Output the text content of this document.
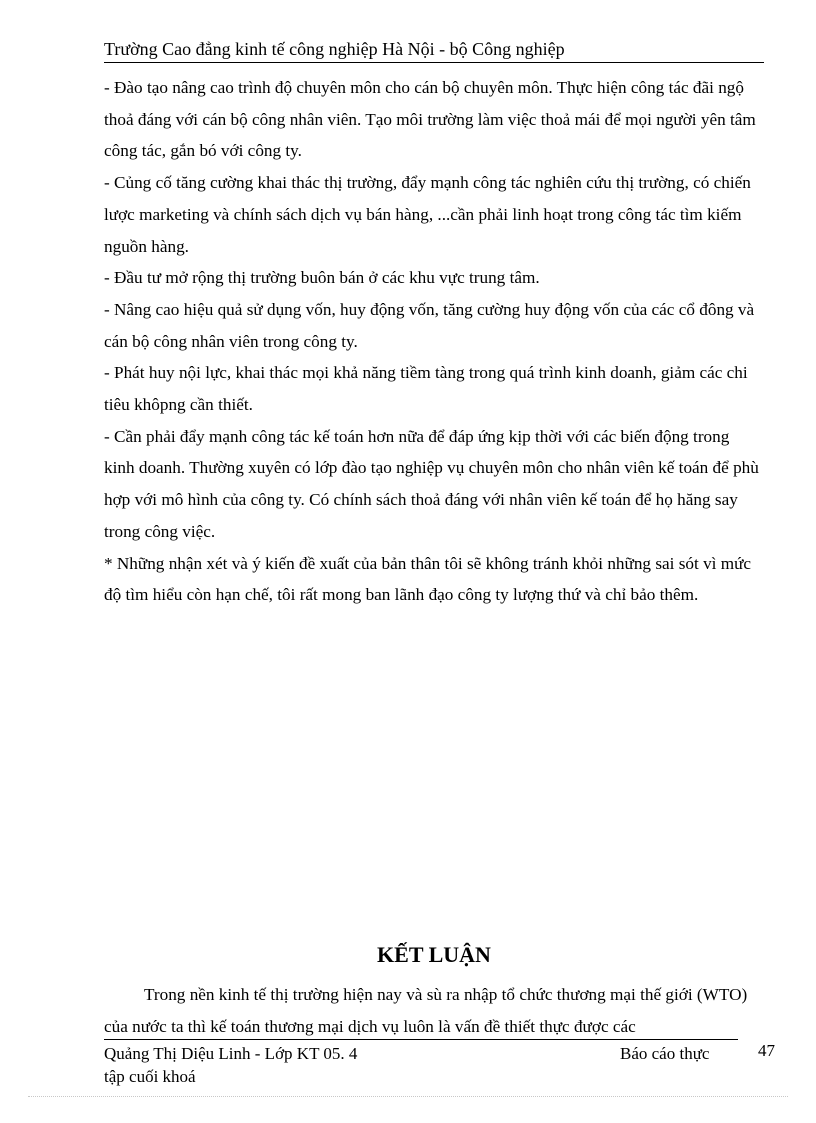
Trường Cao đẳng kinh tế công nghiệp Hà Nội - bộ Công nghiệp

- Đào tạo nâng cao trình độ chuyên môn cho cán bộ chuyên môn. Thực hiện công tác đãi ngộ thoả đáng với cán bộ công nhân viên. Tạo môi trường làm việc thoả mái để mọi người yên tâm công tác, gắn bó với công ty.

- Củng cố tăng cường khai thác thị trường, đẩy mạnh công tác nghiên cứu thị trường, có chiến lược marketing và chính sách dịch vụ bán hàng, ...cần phải linh hoạt trong công tác tìm kiếm nguồn hàng.

- Đầu tư mở rộng thị trường buôn bán ở các khu vực trung tâm.

- Nâng cao hiệu quả sử dụng vốn, huy động vốn, tăng cường huy động vốn của các cổ đông và cán bộ công nhân viên trong công ty.

- Phát huy nội lực, khai thác mọi khả năng tiềm tàng trong quá trình kinh doanh, giảm các chi tiêu khôpng cần thiết.

- Cần phải đẩy mạnh công tác kế toán hơn nữa để đáp ứng kịp thời với các biến động trong kinh doanh. Thường xuyên có lớp đào tạo nghiệp vụ chuyên môn cho nhân viên kế toán để phù hợp với mô hình của công ty. Có chính sách thoả đáng với nhân viên kế toán để họ hăng say trong công việc.

* Những nhận xét và ý kiến đề xuất của bản thân tôi sẽ không tránh khỏi những sai sót vì mức độ tìm hiểu còn hạn chế, tôi rất mong ban lãnh đạo công ty lượng thứ và chỉ bảo thêm.

KẾT LUẬN

Trong nền kinh tế thị trường hiện nay và sù ra nhập tổ chức thương mại thế giới (WTO) của nước ta thì kế toán thương mại dịch vụ luôn là vấn đề thiết thực được các

Quảng Thị Diệu Linh - Lớp KT 05. 4	Báo cáo thực	47
tập cuối khoá
